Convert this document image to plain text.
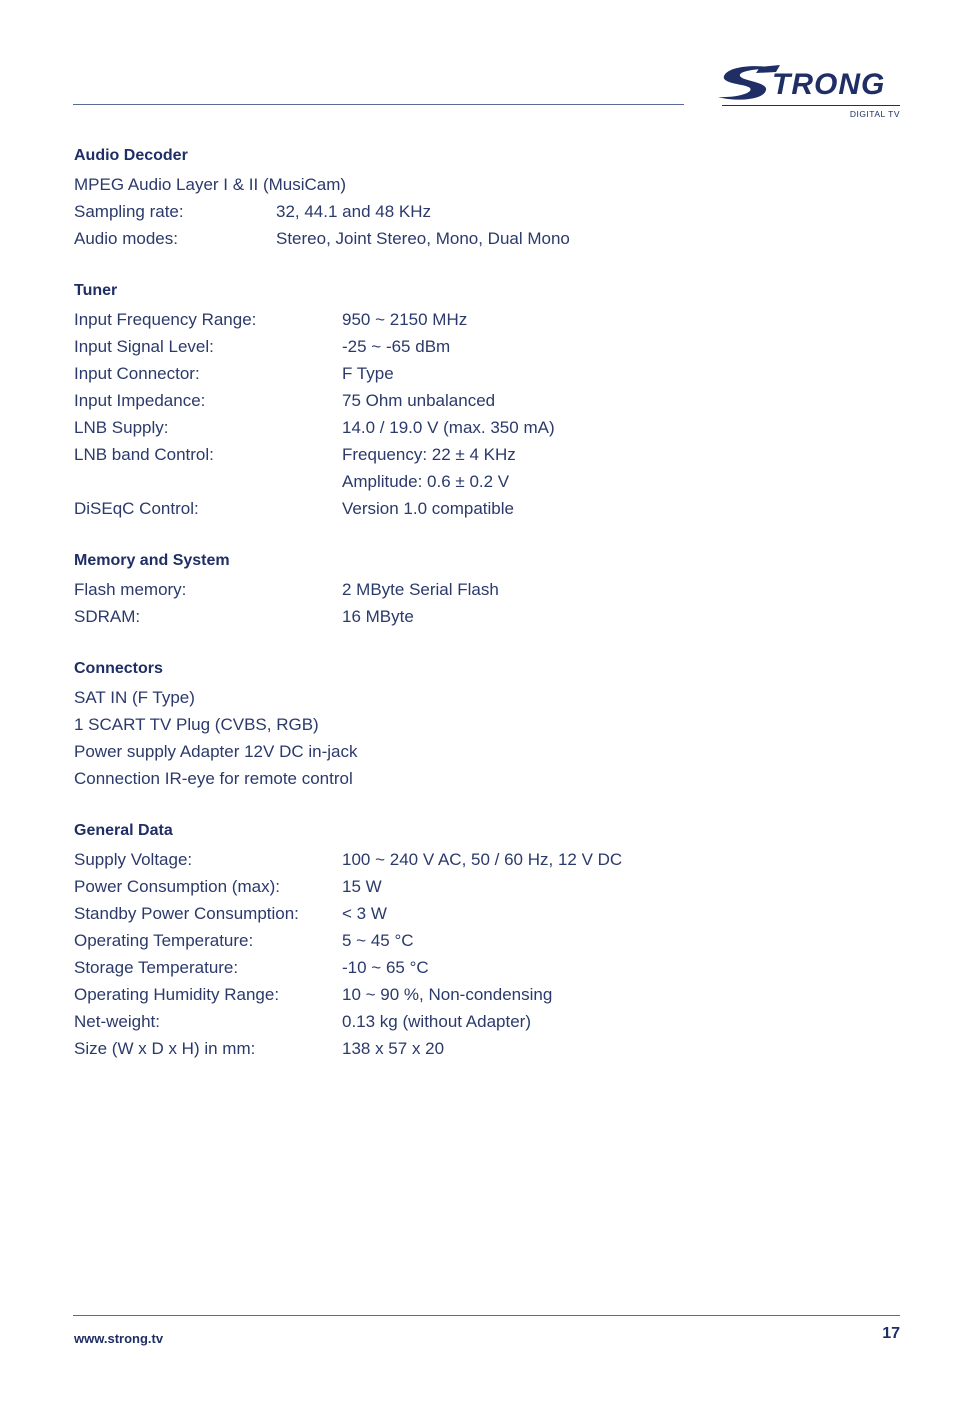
TRONG
DIGITAL TV
Audio Decoder
MPEG Audio Layer I & II (MusiCam)
Sampling rate:	32, 44.1 and 48 KHz
Audio modes:	Stereo, Joint Stereo, Mono, Dual Mono
Tuner
Input Frequency Range:	950 ~ 2150 MHz
Input Signal Level:	-25 ~ -65 dBm
Input Connector:	F Type
Input Impedance:	75 Ohm unbalanced
LNB Supply:	14.0 / 19.0 V (max. 350 mA)
LNB band Control:	Frequency: 22 ± 4 KHz
Amplitude: 0.6 ± 0.2 V
DiSEqC Control:	Version 1.0 compatible
Memory and System
Flash memory:	2 MByte Serial Flash
SDRAM:	16 MByte
Connectors
SAT IN (F Type)
1 SCART TV Plug (CVBS, RGB)
Power supply Adapter 12V DC in-jack
Connection IR-eye for remote control
General Data
Supply Voltage:	100 ~ 240 V AC, 50 / 60 Hz, 12 V DC
Power Consumption (max):	15 W
Standby Power Consumption:	< 3 W
Operating Temperature:	5 ~ 45 °C
Storage Temperature:	-10 ~ 65 °C
Operating Humidity Range:	10 ~ 90 %, Non-condensing
Net-weight:	0.13 kg (without Adapter)
Size (W x D x H) in mm:	138 x 57 x 20
www.strong.tv	17
